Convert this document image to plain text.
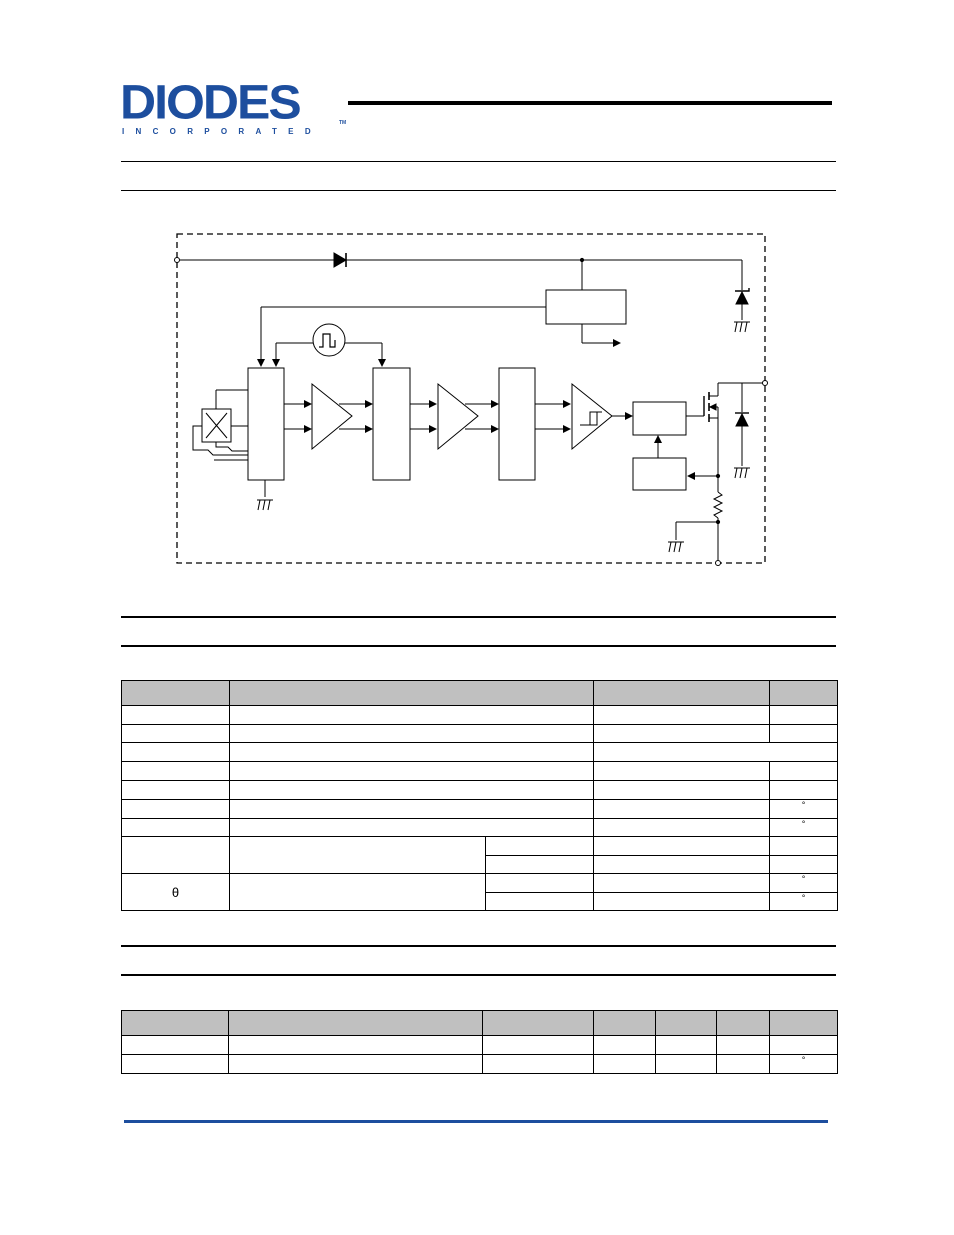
DIODES
INCORPORATED
TM

				°
				°

θ				°
				°

						°
